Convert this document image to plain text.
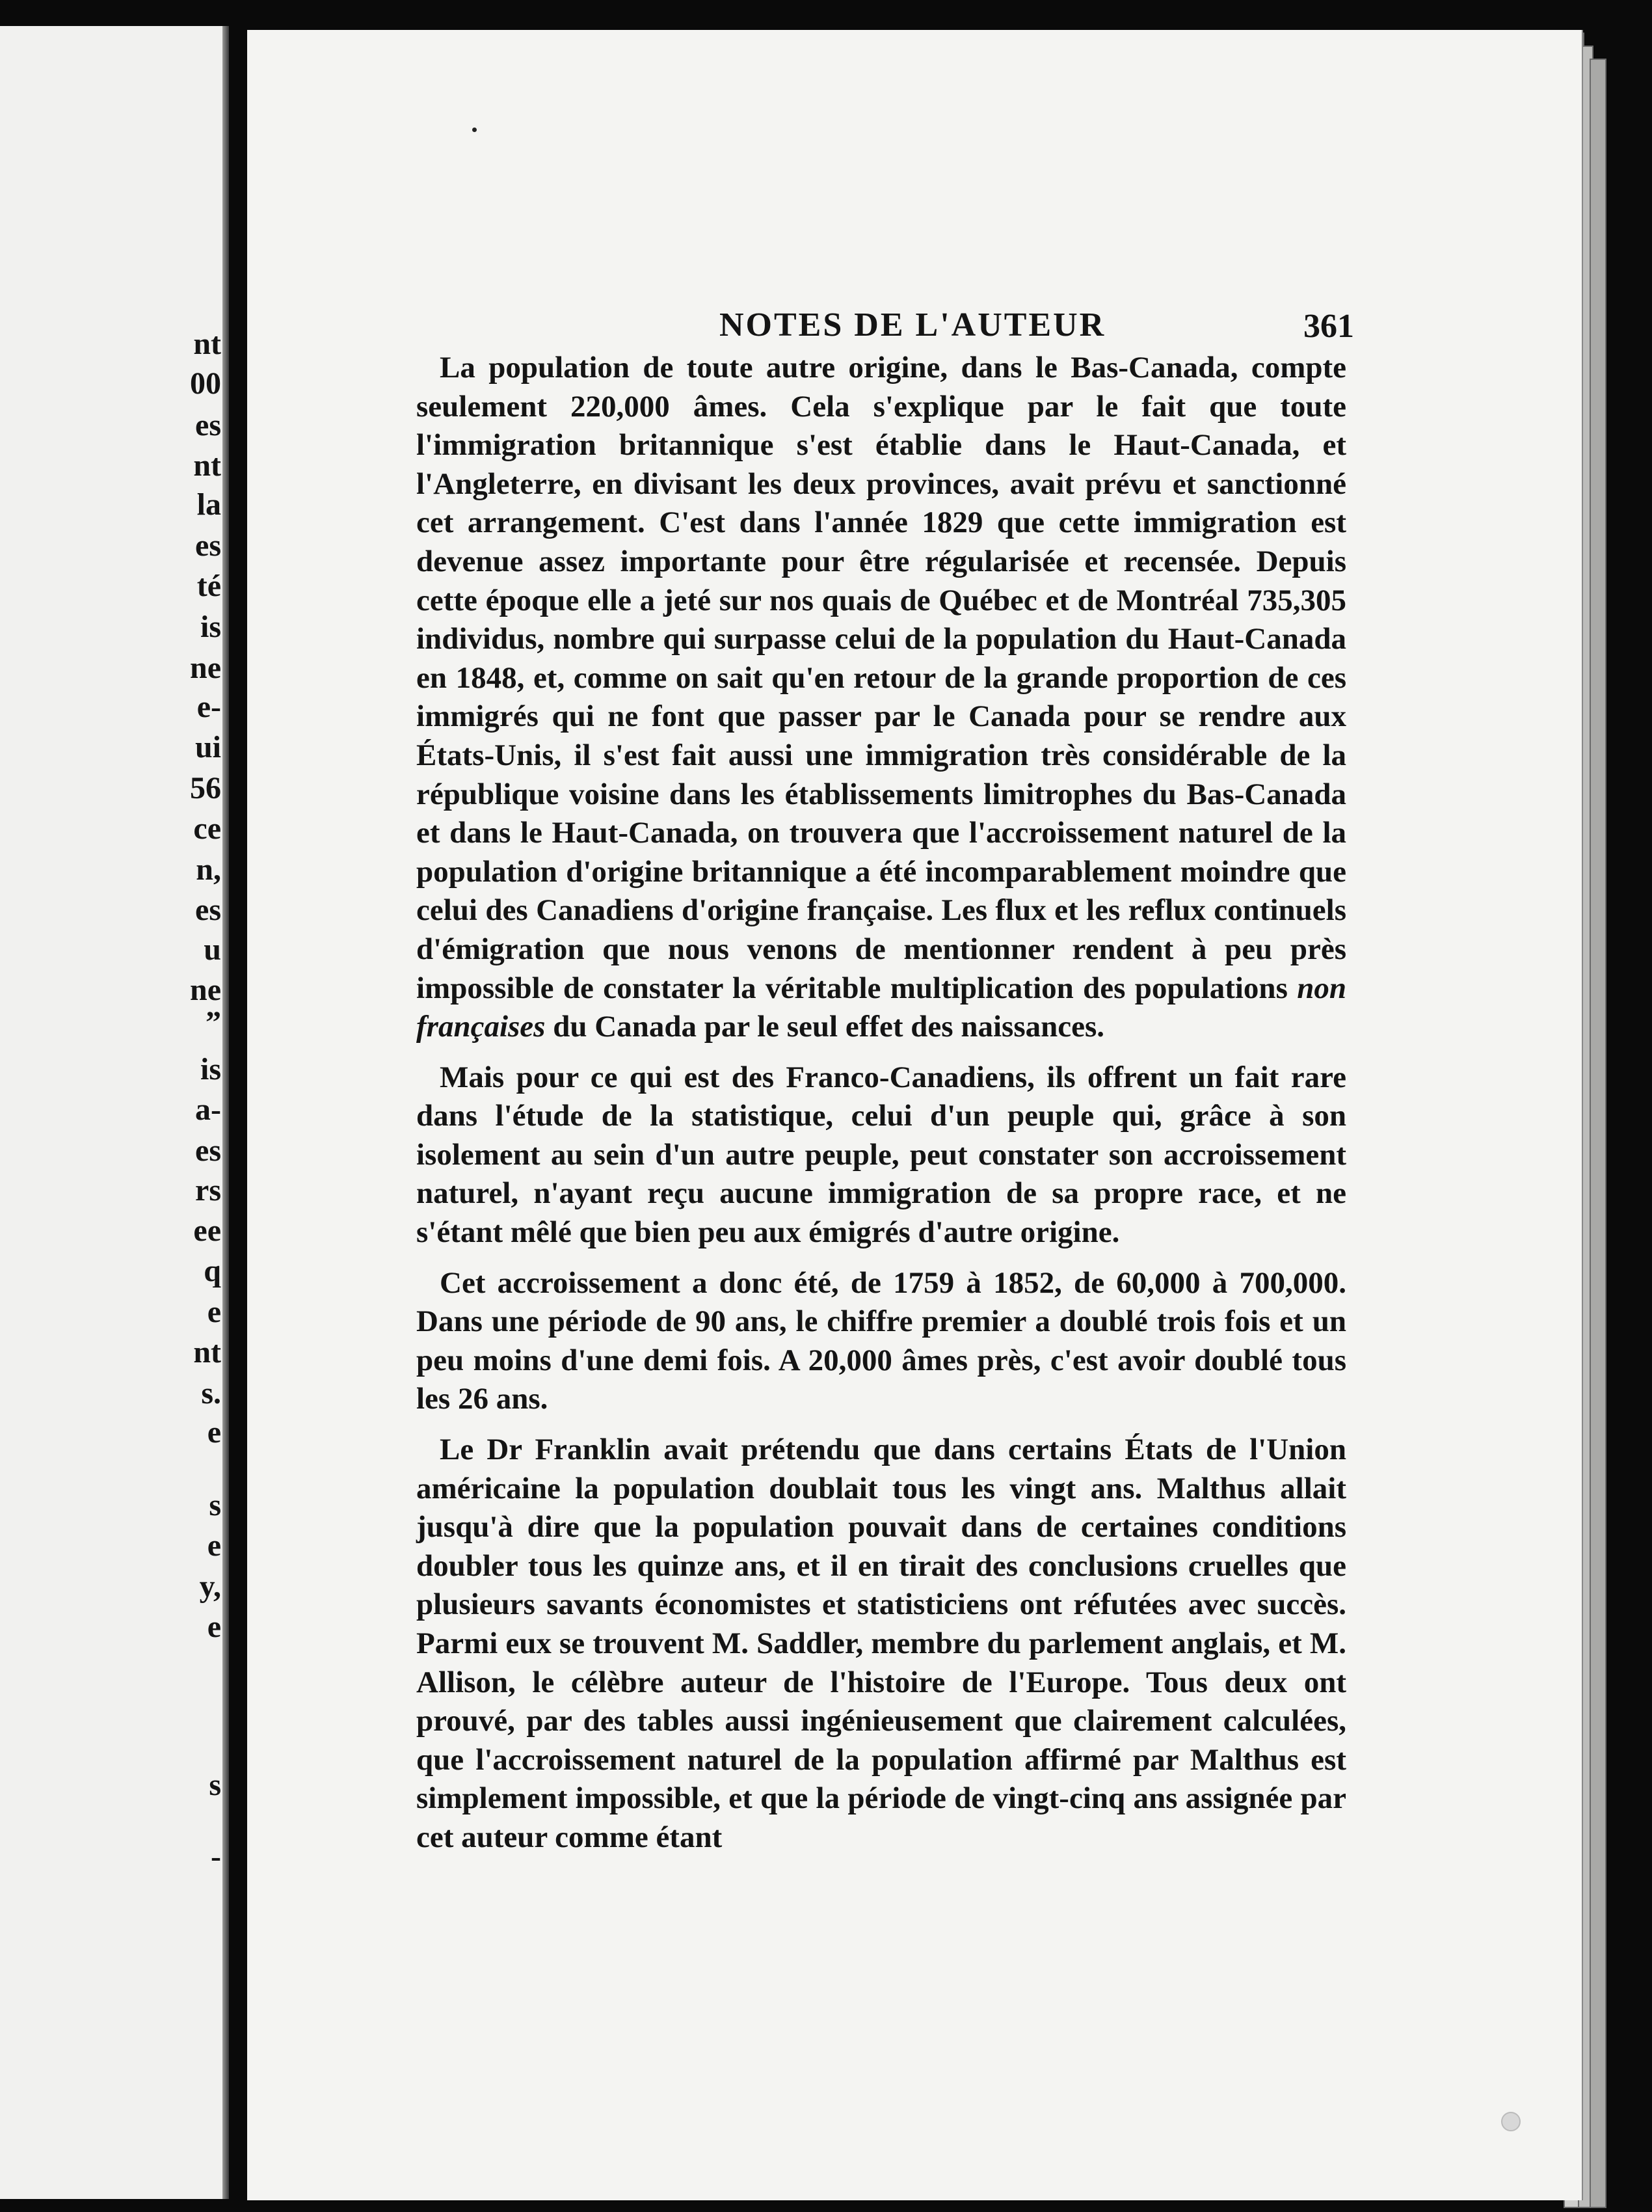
nt
00
es
nt
la
es
té
is
ne
e-
ui
56
ce
n,
es
u
ne
”
is
a-
es
rs
ee
q
e
nt
s.
e
s
e
y,
e
s
-
NOTES DE L'AUTEUR	361

La population de toute autre origine, dans le Bas-Canada, compte seulement 220,000 âmes. Cela s'explique par le fait que toute l'immigration britannique s'est établie dans le Haut-Canada, et l'Angleterre, en divisant les deux provinces, avait prévu et sanctionné cet arrangement. C'est dans l'année 1829 que cette immigration est devenue assez importante pour être régularisée et recensée. Depuis cette époque elle a jeté sur nos quais de Québec et de Montréal 735,305 individus, nombre qui surpasse celui de la population du Haut-Canada en 1848, et, comme on sait qu'en retour de la grande proportion de ces immigrés qui ne font que passer par le Canada pour se rendre aux États-Unis, il s'est fait aussi une immigration très considérable de la république voisine dans les établissements limitrophes du Bas-Canada et dans le Haut-Canada, on trouvera que l'accroissement naturel de la population d'origine britannique a été incomparablement moindre que celui des Canadiens d'origine française. Les flux et les reflux continuels d'émigration que nous venons de mentionner rendent à peu près impossible de constater la véritable multiplication des populations non françaises du Canada par le seul effet des naissances.

Mais pour ce qui est des Franco-Canadiens, ils offrent un fait rare dans l'étude de la statistique, celui d'un peuple qui, grâce à son isolement au sein d'un autre peuple, peut constater son accroissement naturel, n'ayant reçu aucune immigration de sa propre race, et ne s'étant mêlé que bien peu aux émigrés d'autre origine.

Cet accroissement a donc été, de 1759 à 1852, de 60,000 à 700,000. Dans une période de 90 ans, le chiffre premier a doublé trois fois et un peu moins d'une demi fois. A 20,000 âmes près, c'est avoir doublé tous les 26 ans.

Le Dr Franklin avait prétendu que dans certains États de l'Union américaine la population doublait tous les vingt ans. Malthus allait jusqu'à dire que la population pouvait dans de certaines conditions doubler tous les quinze ans, et il en tirait des conclusions cruelles que plusieurs savants économistes et statisticiens ont réfutées avec succès. Parmi eux se trouvent M. Saddler, membre du parlement anglais, et M. Allison, le célèbre auteur de l'histoire de l'Europe. Tous deux ont prouvé, par des tables aussi ingénieusement que clairement calculées, que l'accroissement naturel de la population affirmé par Malthus est simplement impossible, et que la période de vingt-cinq ans assignée par cet auteur comme étant
